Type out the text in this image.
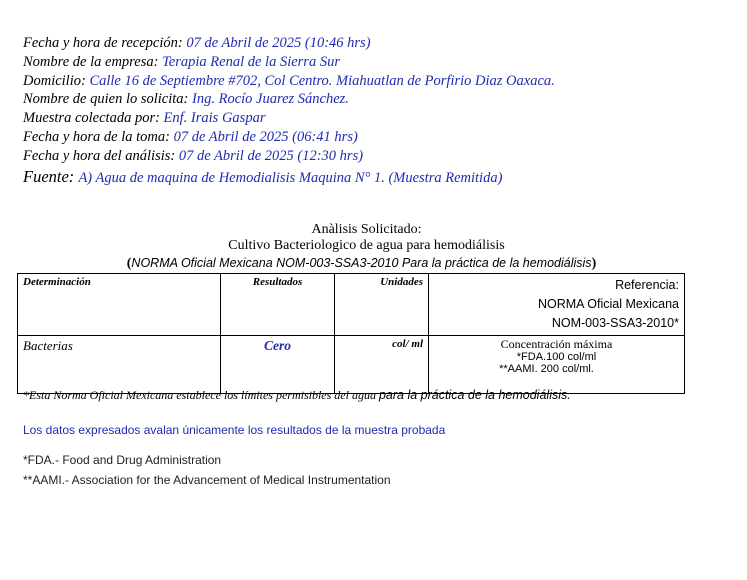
Fecha y hora de recepción: 07 de Abril de 2025 (10:46 hrs)
Nombre de la empresa: Terapia Renal de la Sierra Sur
Domicilio: Calle 16 de Septiembre #702, Col Centro. Miahuatlan de Porfirio Diaz Oaxaca.
Nombre de quien lo solicita: Ing. Rocío Juarez Sánchez.
Muestra colectada por: Enf. Irais Gaspar
Fecha y hora de la toma: 07 de Abril de 2025 (06:41 hrs)
Fecha y hora del análisis: 07 de Abril de 2025 (12:30 hrs)
Fuente: A) Agua de maquina de Hemodialisis Maquina N° 1. (Muestra Remitida)
Anàlisis Solicitado:
Cultivo Bacteriologico de agua para hemodiálisis
(NORMA Oficial Mexicana NOM-003-SSA3-2010 Para la práctica de la hemodiálisis)
Determinación	Resultados	Unidades	Referencia:
NORMA Oficial Mexicana
NOM-003-SSA3-2010*

Bacterias	Cero	col/ ml	Concentración máxima
*FDA.100 col/ml
**AAMI. 200 col/ml.
*Esta Norma Oficial Mexicana establece los límites permisibles del agua para la práctica de la hemodiálisis.
Los datos expresados avalan únicamente los resultados de la muestra probada
*FDA.- Food and Drug Administration
**AAMI.- Association for the Advancement of Medical Instrumentation
